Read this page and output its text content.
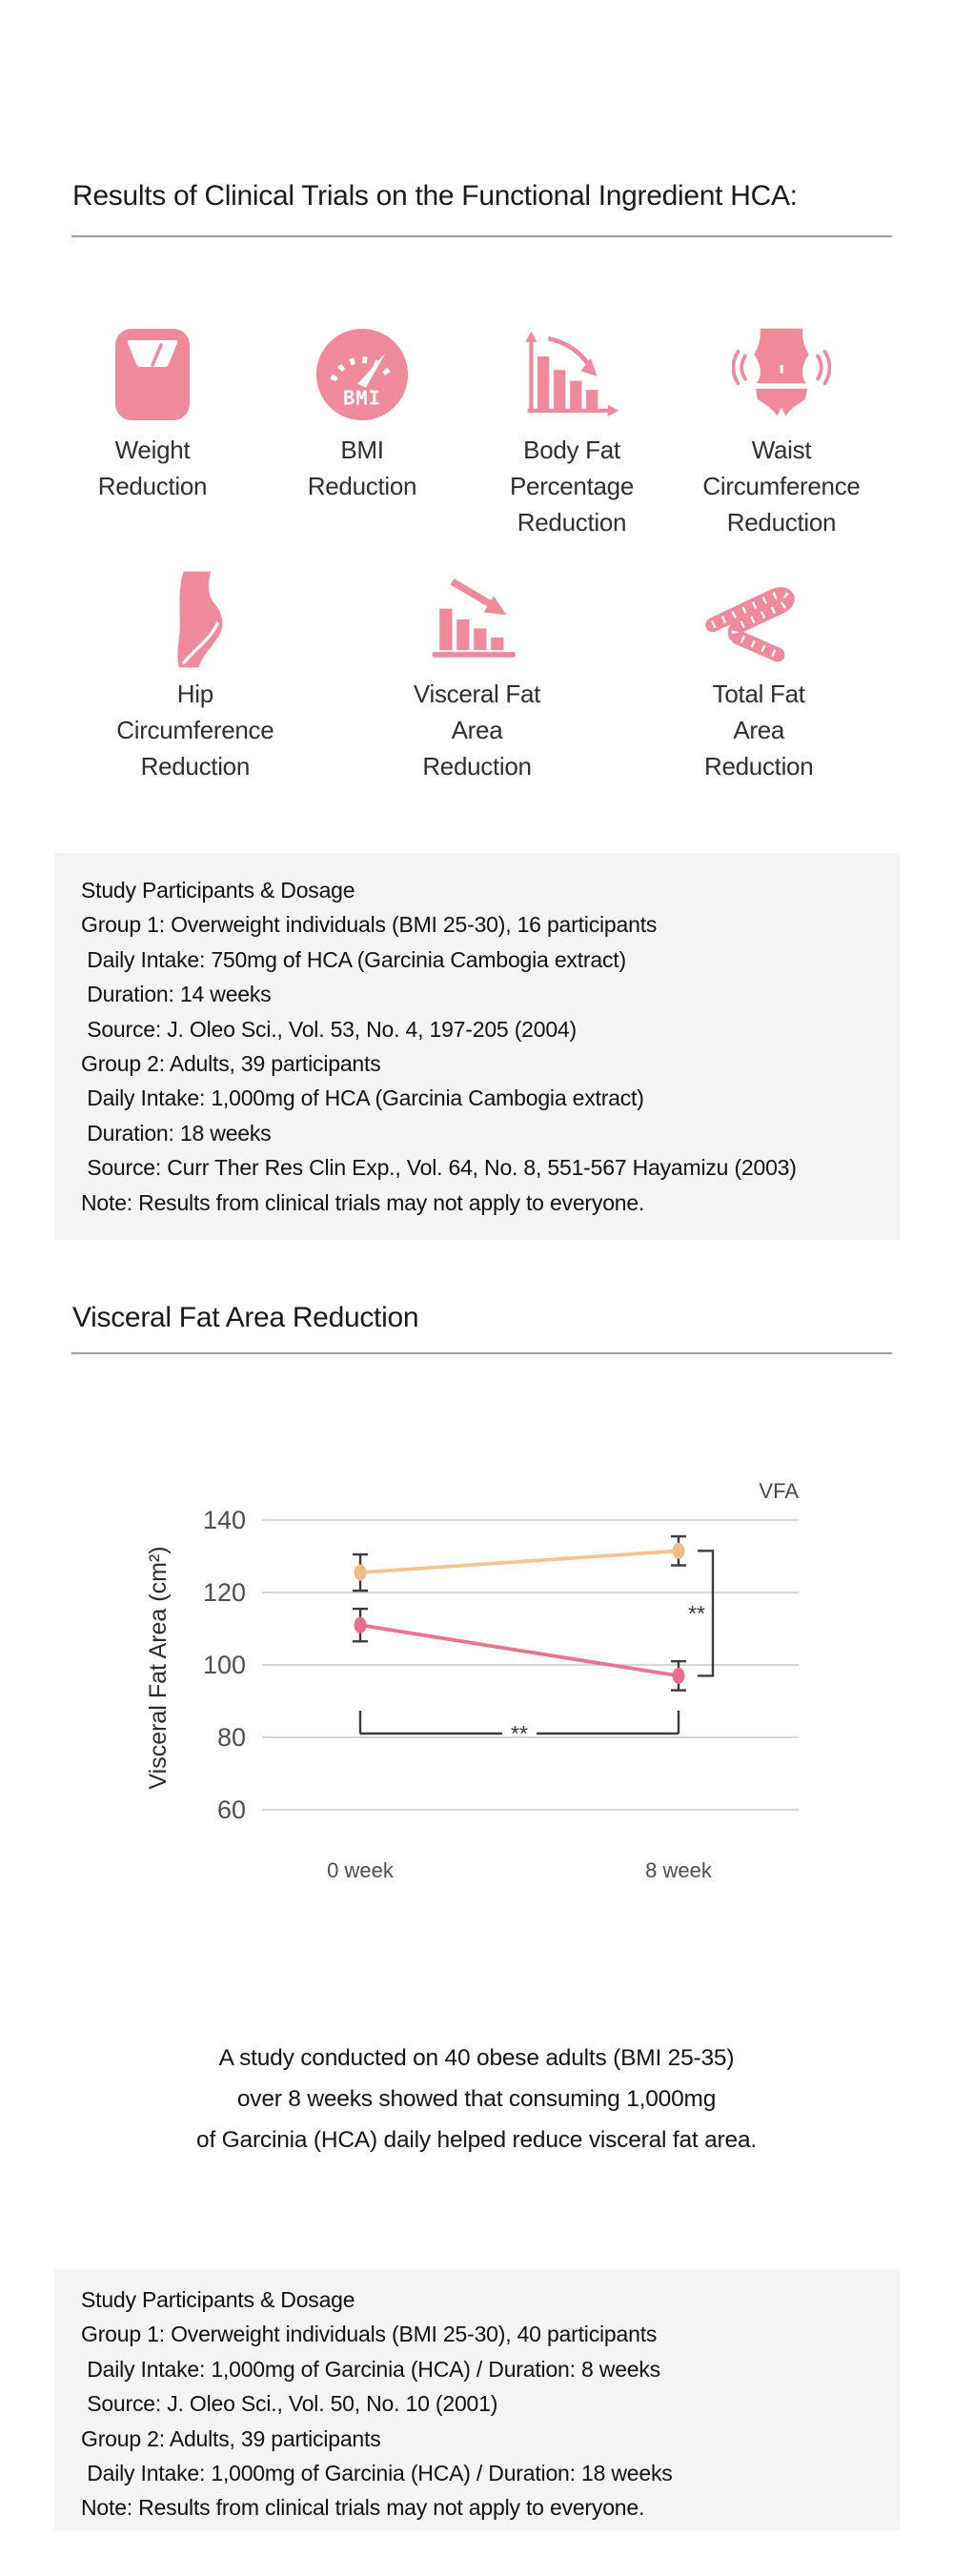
Results of Clinical Trials on the Functional Ingredient HCA:
Weight
Reduction
BMI
BMI
Reduction
Body Fat
Percentage
Reduction
Waist
Circumference
Reduction
Hip
Circumference
Reduction
Visceral Fat
Area
Reduction
Total Fat
Area
Reduction
Study Participants & Dosage
Group 1: Overweight individuals (BMI 25-30), 16 participants
Daily Intake: 750mg of HCA (Garcinia Cambogia extract)
Duration: 14 weeks
Source: J. Oleo Sci., Vol. 53, No. 4, 197-205 (2004)
Group 2: Adults, 39 participants
Daily Intake: 1,000mg of HCA (Garcinia Cambogia extract)
Duration: 18 weeks
Source: Curr Ther Res Clin Exp., Vol. 64, No. 8, 551-567 Hayamizu (2003)
Note: Results from clinical trials may not apply to everyone.
Visceral Fat Area Reduction
140
120
100
80
60
Visceral Fat Area (cm²)
VFA
0 week	8 week
**
**
A study conducted on 40 obese adults (BMI 25-35)
over 8 weeks showed that consuming 1,000mg
of Garcinia (HCA) daily helped reduce visceral fat area.
Study Participants & Dosage
Group 1: Overweight individuals (BMI 25-30), 40 participants
Daily Intake: 1,000mg of Garcinia (HCA) / Duration: 8 weeks
Source: J. Oleo Sci., Vol. 50, No. 10 (2001)
Group 2: Adults, 39 participants
Daily Intake: 1,000mg of Garcinia (HCA) / Duration: 18 weeks
Note: Results from clinical trials may not apply to everyone.
